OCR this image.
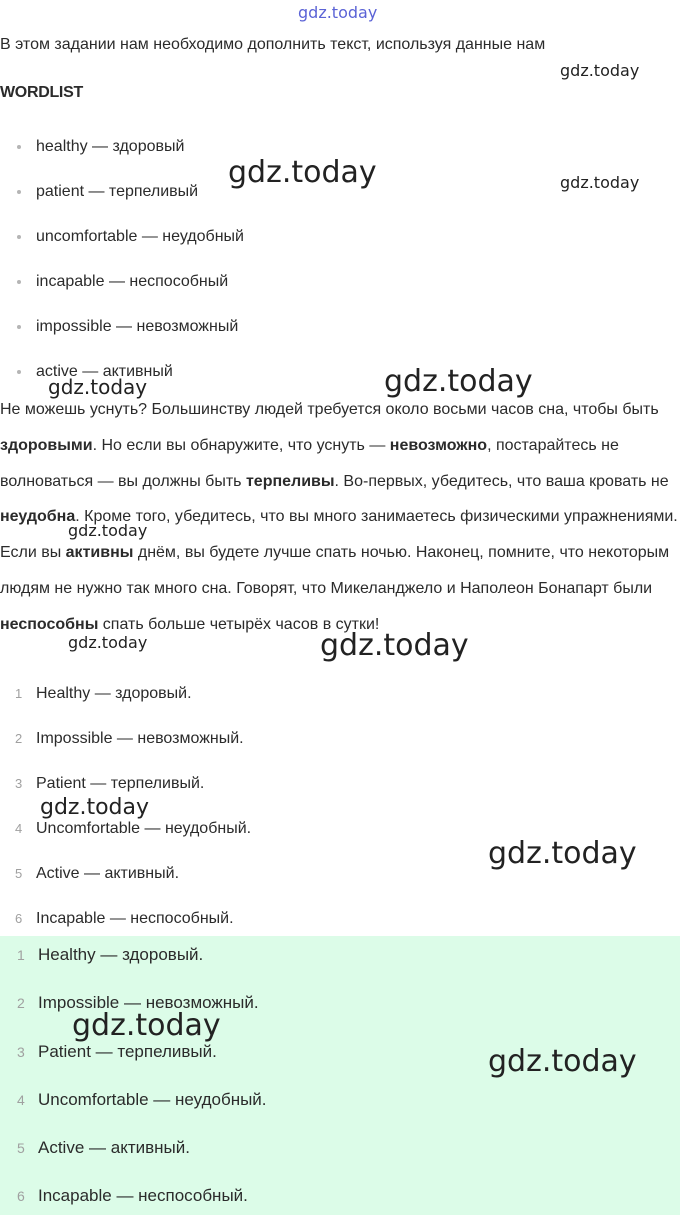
gdz.today
В этом задании нам необходимо дополнить текст, используя данные нам
WORDLIST
healthy — здоровый
patient — терпеливый
uncomfortable — неудобный
incapable — неспособный
impossible — невозможный
active — активный
Не можешь уснуть? Большинству людей требуется около восьми часов сна, чтобы быть здоровыми. Но если вы обнаружите, что уснуть — невозможно, постарайтесь не волноваться — вы должны быть терпеливы. Во-первых, убедитесь, что ваша кровать не неудобна. Кроме того, убедитесь, что вы много занимаетесь физическими упражнениями. Если вы активны днём, вы будете лучше спать ночью. Наконец, помните, что некоторым людям не нужно так много сна. Говорят, что Микеланджело и Наполеон Бонапарт были неспособны спать больше четырёх часов в сутки!
1 Healthy — здоровый.
2 Impossible — невозможный.
3 Patient — терпеливый.
4 Uncomfortable — неудобный.
5 Active — активный.
6 Incapable — неспособный.
1 Healthy — здоровый.
2 Impossible — невозможный.
3 Patient — терпеливый.
4 Uncomfortable — неудобный.
5 Active — активный.
6 Incapable — неспособный.
gdz.today
gdz.today	gdz.today
gdz.today
gdz.today
gdz.today
gdz.today
gdz.today
gdz.today
gdz.today
gdz.today
gdz.today
